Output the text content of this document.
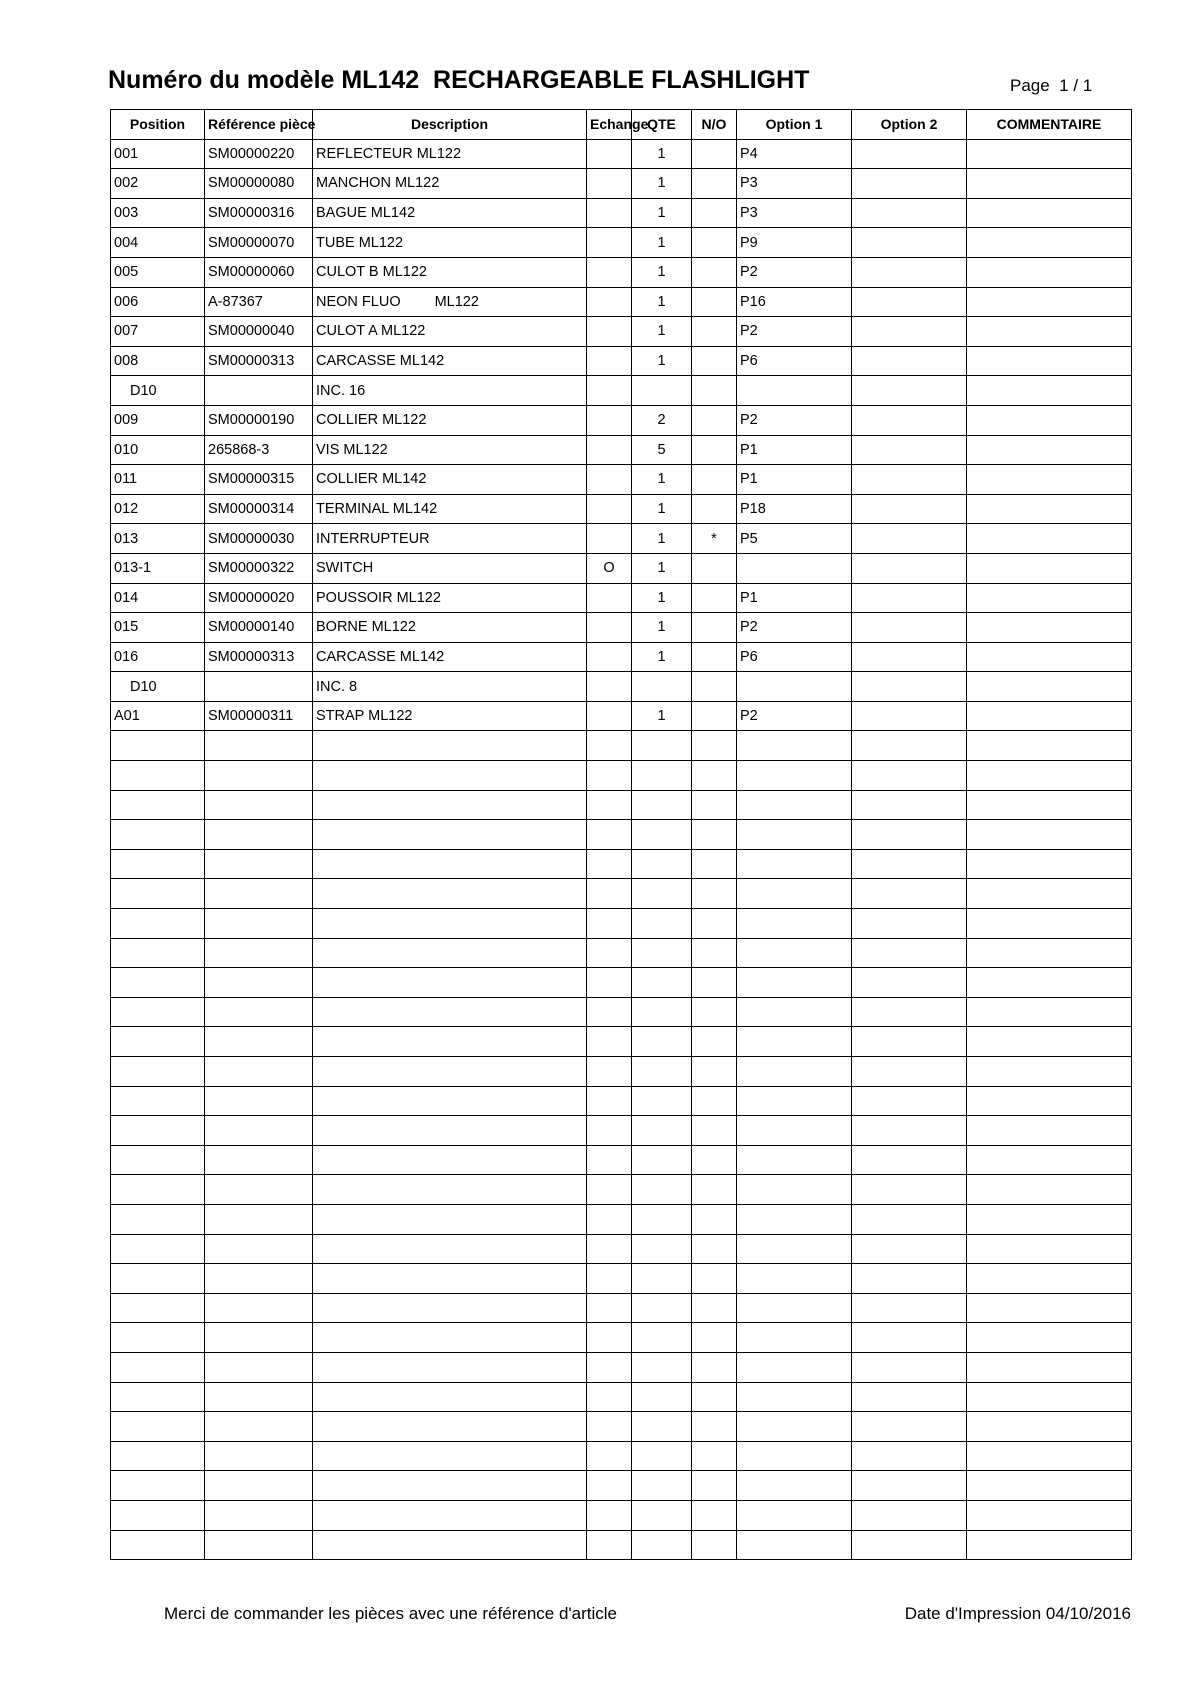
Numéro du modèle ML142  RECHARGEABLE FLASHLIGHT	Page  1 / 1
Position	Référence pièce	Description	Echange	QTE	N/O	Option 1	Option 2	COMMENTAIRE
001	SM00000220	REFLECTEUR ML122		1		P4		
002	SM00000080	MANCHON ML122		1		P3		
003	SM00000316	BAGUE ML142		1		P3		
004	SM00000070	TUBE ML122		1		P9		
005	SM00000060	CULOT B ML122		1		P2		
006	A-87367	NEON FLUO ML122		1		P16		
007	SM00000040	CULOT A ML122		1		P2		
008	SM00000313	CARCASSE ML142		1		P6		
D10		INC. 16						
009	SM00000190	COLLIER ML122		2		P2		
010	265868-3	VIS ML122		5		P1		
011	SM00000315	COLLIER ML142		1		P1		
012	SM00000314	TERMINAL ML142		1		P18		
013	SM00000030	INTERRUPTEUR		1	*	P5		
013-1	SM00000322	SWITCH	O	1				
014	SM00000020	POUSSOIR ML122		1		P1		
015	SM00000140	BORNE ML122		1		P2		
016	SM00000313	CARCASSE ML142		1		P6		
D10		INC. 8						
A01	SM00000311	STRAP ML122		1		P2		

Merci de commander les pièces avec une référence d'article	Date d'Impression 04/10/2016
